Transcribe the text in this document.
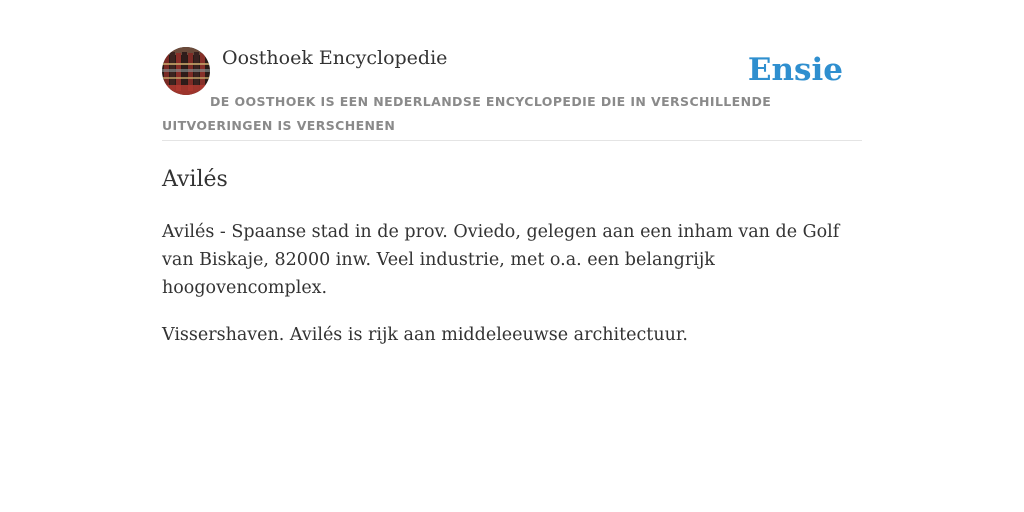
Oosthoek Encyclopedie	Ensie
DE OOSTHOEK IS EEN NEDERLANDSE ENCYCLOPEDIE DIE IN VERSCHILLENDE UITVOERINGEN IS VERSCHENEN
Avilés

Avilés - Spaanse stad in de prov. Oviedo, gelegen aan een inham van de Golf van Biskaje, 82000 inw. Veel industrie, met o.a. een belangrijk hoogovencomplex.

Vissershaven. Avilés is rijk aan middeleeuwse architectuur.
